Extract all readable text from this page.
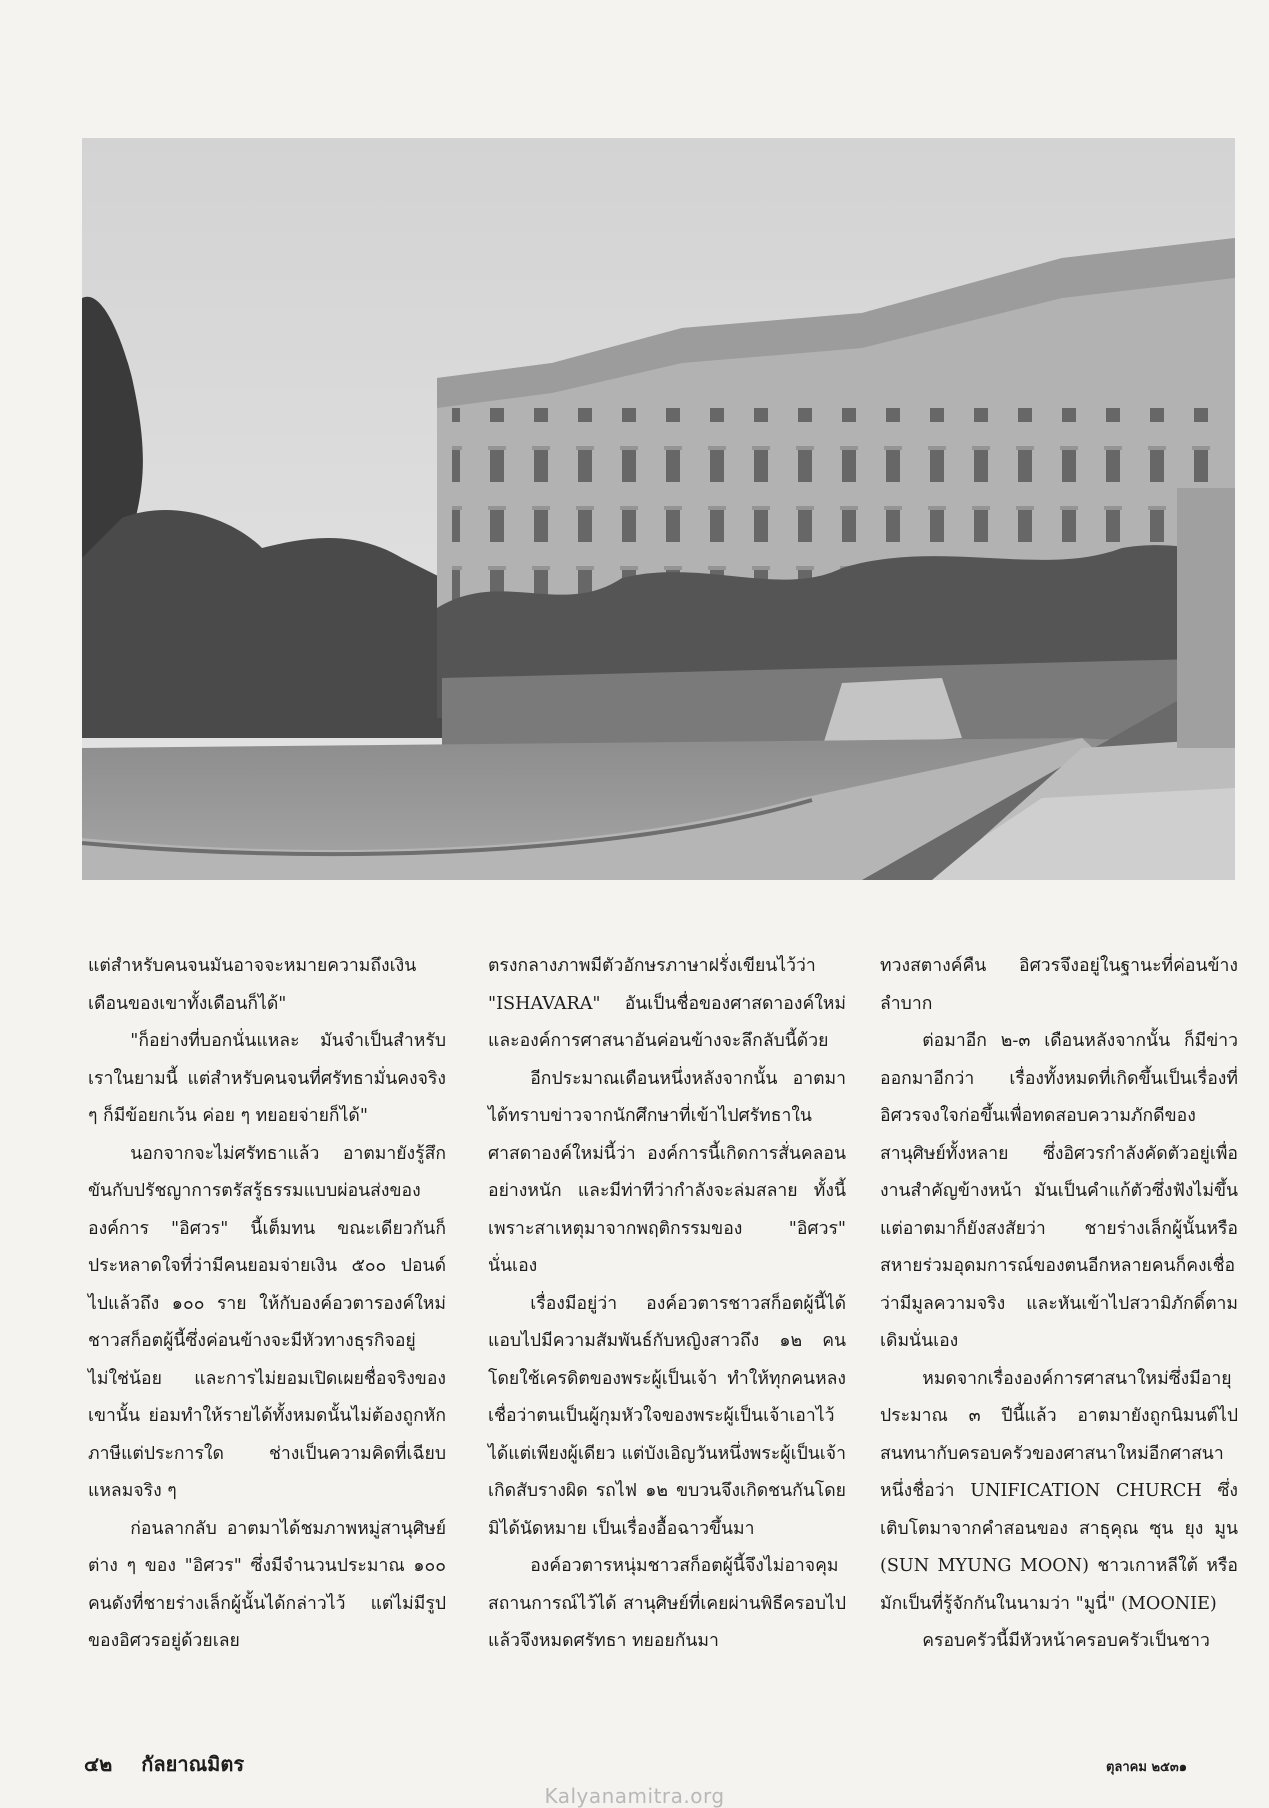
แต่สำหรับคนจนมันอาจจะหมายความถึงเงินเดือนของเขาทั้งเดือนก็ได้"

"ก็อย่างที่บอกนั่นแหละ มันจำเป็นสำหรับเราในยามนี้ แต่สำหรับคนจนที่ศรัทธามั่นคงจริง ๆ ก็มีข้อยกเว้น ค่อย ๆ ทยอยจ่ายก็ได้"

นอกจากจะไม่ศรัทธาแล้ว อาตมายังรู้สึกขันกับปรัชญาการตรัสรู้ธรรมแบบผ่อนส่งขององค์การ "อิศวร" นี้เต็มทน ขณะเดียวกันก็ประหลาดใจที่ว่ามีคนยอมจ่ายเงิน ๕๐๐ ปอนด์ไปแล้วถึง ๑๐๐ ราย ให้กับองค์อวตารองค์ใหม่ชาวสก็อตผู้นี้ซึ่งค่อนข้างจะมีหัวทางธุรกิจอยู่ไม่ใช่น้อย และการไม่ยอมเปิดเผยชื่อจริงของเขานั้น ย่อมทำให้รายได้ทั้งหมดนั้นไม่ต้องถูกหักภาษีแต่ประการใด ช่างเป็นความคิดที่เฉียบแหลมจริง ๆ

ก่อนลากลับ อาตมาได้ชมภาพหมู่สานุศิษย์ต่าง ๆ ของ "อิศวร" ซึ่งมีจำนวนประมาณ ๑๐๐ คนดังที่ชายร่างเล็กผู้นั้นได้กล่าวไว้ แต่ไม่มีรูปของอิศวรอยู่ด้วยเลย

ตรงกลางภาพมีตัวอักษรภาษาฝรั่งเขียนไว้ว่า "ISHAVARA" อันเป็นชื่อของศาสดาองค์ใหม่และองค์การศาสนาอันค่อนข้างจะลึกลับนี้ด้วย

อีกประมาณเดือนหนึ่งหลังจากนั้น อาตมาได้ทราบข่าวจากนักศึกษาที่เข้าไปศรัทธาในศาสดาองค์ใหม่นี้ว่า องค์การนี้เกิดการสั่นคลอนอย่างหนัก และมีท่าทีว่ากำลังจะล่มสลาย ทั้งนี้เพราะสาเหตุมาจากพฤติกรรมของ "อิศวร" นั่นเอง

เรื่องมีอยู่ว่า องค์อวตารชาวสก็อตผู้นี้ได้แอบไปมีความสัมพันธ์กับหญิงสาวถึง ๑๒ คน โดยใช้เครดิตของพระผู้เป็นเจ้า ทำให้ทุกคนหลงเชื่อว่าตนเป็นผู้กุมหัวใจของพระผู้เป็นเจ้าเอาไว้ได้แต่เพียงผู้เดียว แต่บังเอิญวันหนึ่งพระผู้เป็นเจ้าเกิดสับรางผิด รถไฟ ๑๒ ขบวนจึงเกิดชนกันโดยมิได้นัดหมาย เป็นเรื่องอื้อฉาวขึ้นมา

องค์อวตารหนุ่มชาวสก็อตผู้นี้จึงไม่อาจคุมสถานการณ์ไว้ได้ สานุศิษย์ที่เคยผ่านพิธีครอบไปแล้วจึงหมดศรัทธา ทยอยกันมา

ทวงสตางค์คืน อิศวรจึงอยู่ในฐานะที่ค่อนข้างลำบาก

ต่อมาอีก ๒-๓ เดือนหลังจากนั้น ก็มีข่าวออกมาอีกว่า เรื่องทั้งหมดที่เกิดขึ้นเป็นเรื่องที่อิศวรจงใจก่อขึ้นเพื่อทดสอบความภักดีของสานุศิษย์ทั้งหลาย ซึ่งอิศวรกำลังคัดตัวอยู่เพื่องานสำคัญข้างหน้า มันเป็นคำแก้ตัวซึ่งฟังไม่ขึ้น แต่อาตมาก็ยังสงสัยว่า ชายร่างเล็กผู้นั้นหรือสหายร่วมอุดมการณ์ของตนอีกหลายคนก็คงเชื่อว่ามีมูลความจริง และหันเข้าไปสวามิภักดิ์ตามเดิมนั่นเอง

หมดจากเรื่ององค์การศาสนาใหม่ซึ่งมีอายุประมาณ ๓ ปีนี้แล้ว อาตมายังถูกนิมนต์ไปสนทนากับครอบครัวของศาสนาใหม่อีกศาสนาหนึ่งชื่อว่า UNIFICATION CHURCH ซึ่งเติบโตมาจากคำสอนของ สาธุคุณ ซุน ยุง มูน (SUN MYUNG MOON) ชาวเกาหลีใต้ หรือมักเป็นที่รู้จักกันในนามว่า "มูนี่" (MOONIE)

ครอบครัวนี้มีหัวหน้าครอบครัวเป็นชาว

๔๒ กัลยาณมิตร	ตุลาคม ๒๕๓๑
Kalyanamitra.org
